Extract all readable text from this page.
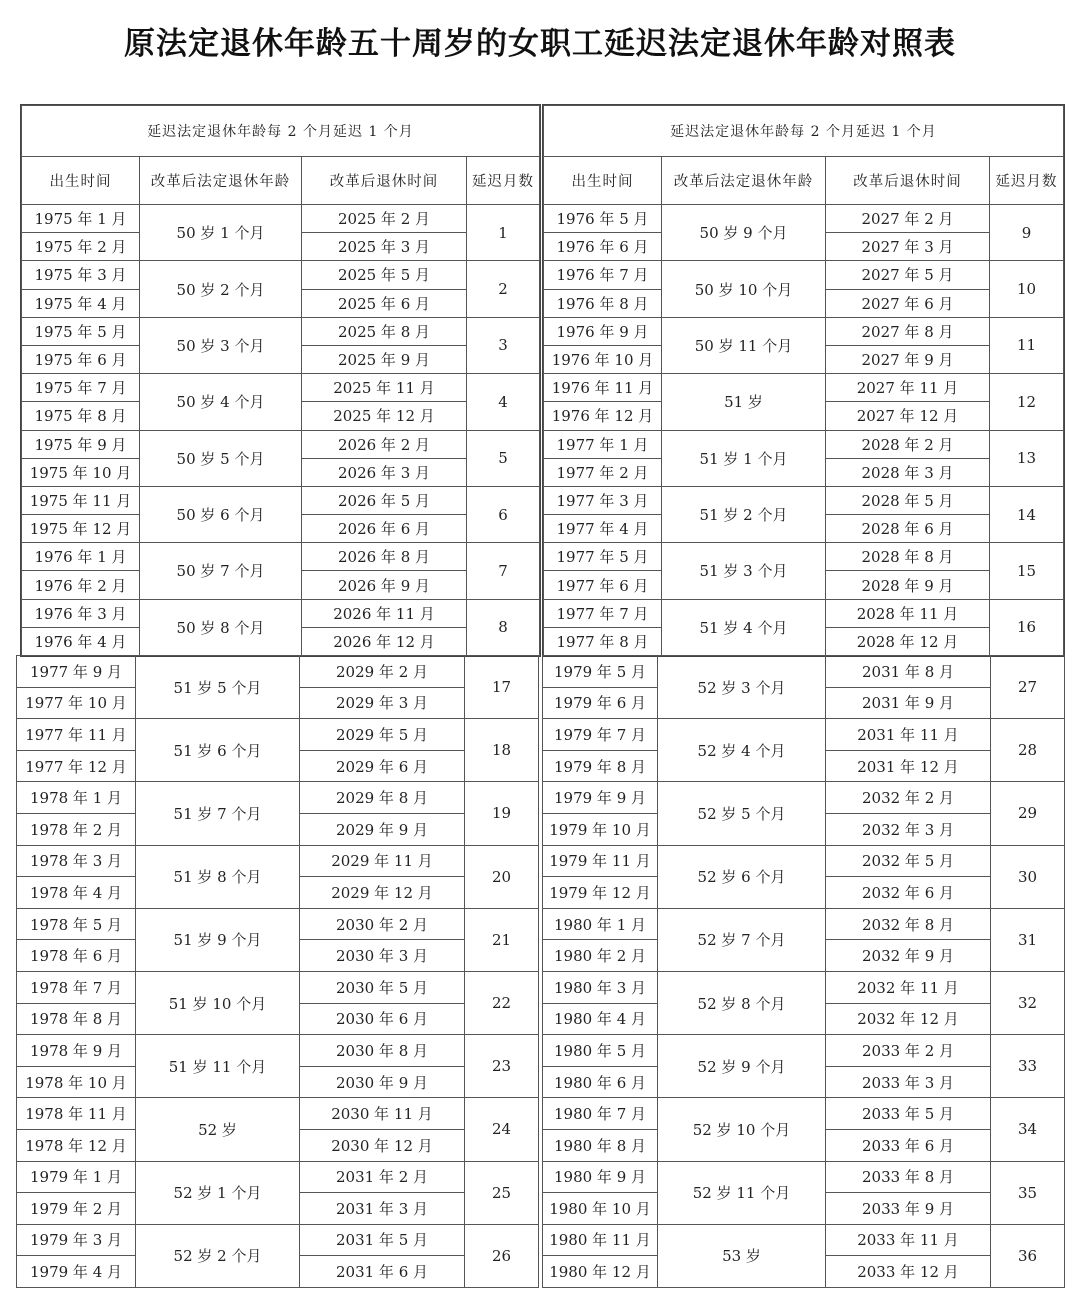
原法定退休年龄五十周岁的女职工延迟法定退休年龄对照表
延迟法定退休年龄每 2 个月延迟 1 个月			
出生时间	改革后法定退休年龄	改革后退休时间	延迟月数
1975 年 1 月	50 岁 1 个月	2025 年 2 月	1
1975 年 2 月		2025 年 3 月	
1975 年 3 月	50 岁 2 个月	2025 年 5 月	2
1975 年 4 月		2025 年 6 月	
1975 年 5 月	50 岁 3 个月	2025 年 8 月	3
1975 年 6 月		2025 年 9 月	
1975 年 7 月	50 岁 4 个月	2025 年 11 月	4
1975 年 8 月		2025 年 12 月	
1975 年 9 月	50 岁 5 个月	2026 年 2 月	5
1975 年 10 月		2026 年 3 月	
1975 年 11 月	50 岁 6 个月	2026 年 5 月	6
1975 年 12 月		2026 年 6 月	
1976 年 1 月	50 岁 7 个月	2026 年 8 月	7
1976 年 2 月		2026 年 9 月	
1976 年 3 月	50 岁 8 个月	2026 年 11 月	8
1976 年 4 月		2026 年 12 月	
延迟法定退休年龄每 2 个月延迟 1 个月			
出生时间	改革后法定退休年龄	改革后退休时间	延迟月数
1976 年 5 月	50 岁 9 个月	2027 年 2 月	9
1976 年 6 月		2027 年 3 月	
1976 年 7 月	50 岁 10 个月	2027 年 5 月	10
1976 年 8 月		2027 年 6 月	
1976 年 9 月	50 岁 11 个月	2027 年 8 月	11
1976 年 10 月		2027 年 9 月	
1976 年 11 月	51 岁	2027 年 11 月	12
1976 年 12 月		2027 年 12 月	
1977 年 1 月	51 岁 1 个月	2028 年 2 月	13
1977 年 2 月		2028 年 3 月	
1977 年 3 月	51 岁 2 个月	2028 年 5 月	14
1977 年 4 月		2028 年 6 月	
1977 年 5 月	51 岁 3 个月	2028 年 8 月	15
1977 年 6 月		2028 年 9 月	
1977 年 7 月	51 岁 4 个月	2028 年 11 月	16
1977 年 8 月		2028 年 12 月	
1977 年 9 月	51 岁 5 个月	2029 年 2 月	17
1977 年 10 月		2029 年 3 月	
1977 年 11 月	51 岁 6 个月	2029 年 5 月	18
1977 年 12 月		2029 年 6 月	
1978 年 1 月	51 岁 7 个月	2029 年 8 月	19
1978 年 2 月		2029 年 9 月	
1978 年 3 月	51 岁 8 个月	2029 年 11 月	20
1978 年 4 月		2029 年 12 月	
1978 年 5 月	51 岁 9 个月	2030 年 2 月	21
1978 年 6 月		2030 年 3 月	
1978 年 7 月	51 岁 10 个月	2030 年 5 月	22
1978 年 8 月		2030 年 6 月	
1978 年 9 月	51 岁 11 个月	2030 年 8 月	23
1978 年 10 月		2030 年 9 月	
1978 年 11 月	52 岁	2030 年 11 月	24
1978 年 12 月		2030 年 12 月	
1979 年 1 月	52 岁 1 个月	2031 年 2 月	25
1979 年 2 月		2031 年 3 月	
1979 年 3 月	52 岁 2 个月	2031 年 5 月	26
1979 年 4 月		2031 年 6 月	
1979 年 5 月	52 岁 3 个月	2031 年 8 月	27
1979 年 6 月		2031 年 9 月	
1979 年 7 月	52 岁 4 个月	2031 年 11 月	28
1979 年 8 月		2031 年 12 月	
1979 年 9 月	52 岁 5 个月	2032 年 2 月	29
1979 年 10 月		2032 年 3 月	
1979 年 11 月	52 岁 6 个月	2032 年 5 月	30
1979 年 12 月		2032 年 6 月	
1980 年 1 月	52 岁 7 个月	2032 年 8 月	31
1980 年 2 月		2032 年 9 月	
1980 年 3 月	52 岁 8 个月	2032 年 11 月	32
1980 年 4 月		2032 年 12 月	
1980 年 5 月	52 岁 9 个月	2033 年 2 月	33
1980 年 6 月		2033 年 3 月	
1980 年 7 月	52 岁 10 个月	2033 年 5 月	34
1980 年 8 月		2033 年 6 月	
1980 年 9 月	52 岁 11 个月	2033 年 8 月	35
1980 年 10 月		2033 年 9 月	
1980 年 11 月	53 岁	2033 年 11 月	36
1980 年 12 月		2033 年 12 月	
